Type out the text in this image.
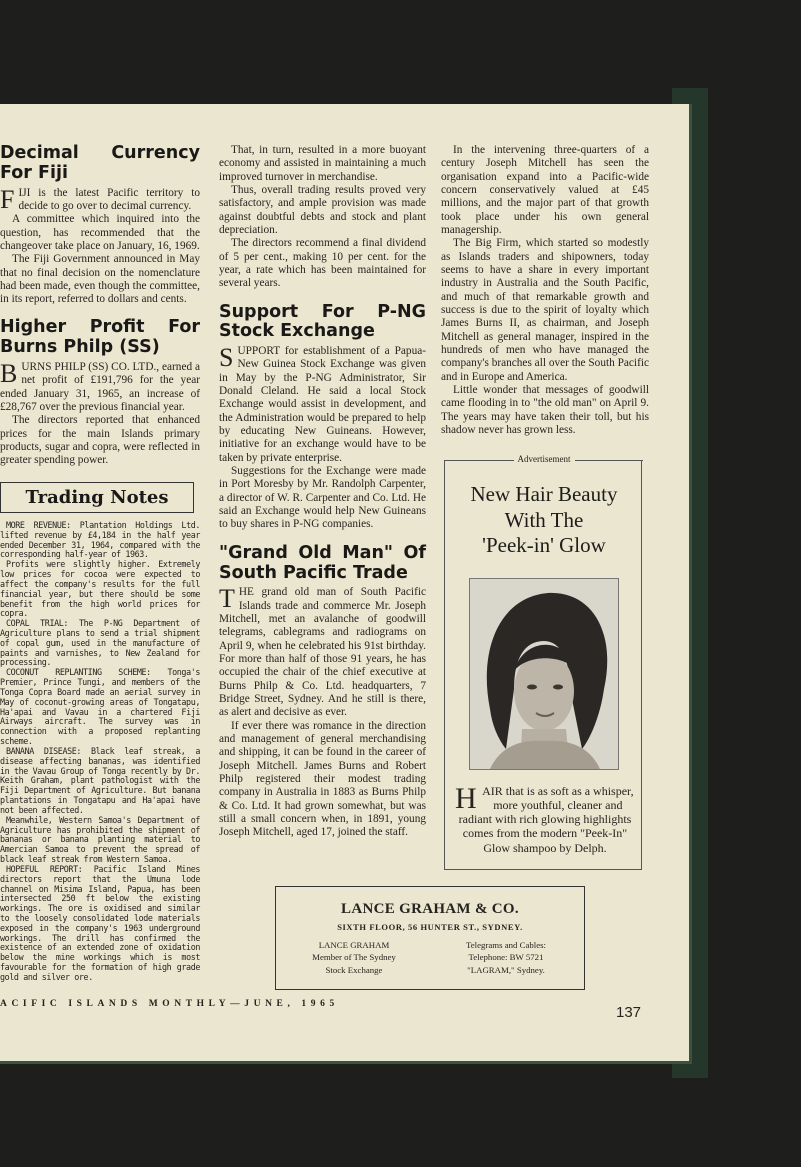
Decimal Currency For Fiji

FIJI is the latest Pacific territory to decide to go over to decimal currency.

A committee which inquired into the question, has recommended that the changeover take place on January, 16, 1969.

The Fiji Government announced in May that no final decision on the nomenclature had been made, even though the committee, in its report, referred to dollars and cents.

Higher Profit For Burns Philp (SS)

BURNS PHILP (SS) CO. LTD., earned a net profit of £191,796 for the year ended January 31, 1965, an increase of £28,767 over the previous financial year.

The directors reported that enhanced prices for the main Islands primary products, sugar and copra, were reflected in greater spending power.

Trading Notes

MORE REVENUE: Plantation Holdings Ltd. lifted revenue by £4,184 in the half year ended December 31, 1964, compared with the corresponding half-year of 1963.

Profits were slightly higher. Extremely low prices for cocoa were expected to affect the company's results for the full financial year, but there should be some benefit from the high world prices for copra.

COPAL TRIAL: The P-NG Department of Agriculture plans to send a trial shipment of copal gum, used in the manufacture of paints and varnishes, to New Zealand for processing.

COCONUT REPLANTING SCHEME: Tonga's Premier, Prince Tungi, and members of the Tonga Copra Board made an aerial survey in May of coconut-growing areas of Tongatapu, Ha'apai and Vavau in a chartered Fiji Airways aircraft. The survey was in connection with a proposed replanting scheme.

BANANA DISEASE: Black leaf streak, a disease affecting bananas, was identified in the Vavau Group of Tonga recently by Dr. Keith Graham, plant pathologist with the Fiji Department of Agriculture. But banana plantations in Tongatapu and Ha'apai have not been affected.

Meanwhile, Western Samoa's Department of Agriculture has prohibited the shipment of bananas or banana planting material to Amercian Samoa to prevent the spread of black leaf streak from Western Samoa.

HOPEFUL REPORT: Pacific Island Mines directors report that the Umuna lode channel on Misima Island, Papua, has been intersected 250 ft below the existing workings. The ore is oxidised and similar to the loosely consolidated lode materials exposed in the company's 1963 underground workings. The drill has confirmed the existence of an extended zone of oxidation below the mine workings which is most favourable for the formation of high grade gold and silver ore.

That, in turn, resulted in a more buoyant economy and assisted in maintaining a much improved turnover in merchandise.

Thus, overall trading results proved very satisfactory, and ample provision was made against doubtful debts and stock and plant depreciation.

The directors recommend a final dividend of 5 per cent., making 10 per cent. for the year, a rate which has been maintained for several years.

Support For P-NG Stock Exchange

SUPPORT for establishment of a Papua-New Guinea Stock Exchange was given in May by the P-NG Administrator, Sir Donald Cleland. He said a local Stock Exchange would assist in development, and the Administration would be prepared to help by educating New Guineans. However, initiative for an exchange would have to be taken by private enterprise.

Suggestions for the Exchange were made in Port Moresby by Mr. Randolph Carpenter, a director of W. R. Carpenter and Co. Ltd. He said an Exchange would help New Guineans to buy shares in P-NG companies.

"Grand Old Man" Of South Pacific Trade

THE grand old man of South Pacific Islands trade and commerce Mr. Joseph Mitchell, met an avalanche of goodwill telegrams, cablegrams and radiograms on April 9, when he celebrated his 91st birthday. For more than half of those 91 years, he has occupied the chair of the chief executive at Burns Philp & Co. Ltd. headquarters, 7 Bridge Street, Sydney. And he still is there, as alert and decisive as ever.

If ever there was romance in the direction and management of general merchandising and shipping, it can be found in the career of Joseph Mitchell. James Burns and Robert Philp registered their modest trading company in Australia in 1883 as Burns Philp & Co. Ltd. It had grown somewhat, but was still a small concern when, in 1891, young Joseph Mitchell, aged 17, joined the staff.

In the intervening three-quarters of a century Joseph Mitchell has seen the organisation expand into a Pacific-wide concern conservatively valued at £45 millions, and the major part of that growth took place under his own general managership.

The Big Firm, which started so modestly as Islands traders and shipowners, today seems to have a share in every important industry in Australia and the South Pacific, and much of that remarkable growth and success is due to the spirit of loyalty which James Burns II, as chairman, and Joseph Mitchell as general manager, inspired in the hundreds of men who have managed the company's branches all over the South Pacific and in Europe and America.

Little wonder that messages of goodwill came flooding in to "the old man" on April 9. The years may have taken their toll, but his shadow never has grown less.

Advertisement
New Hair Beauty
With The
'Peek-in' Glow
HAIR that is as soft as a whisper, more youthful, cleaner and radiant with rich glowing highlights comes from the modern "Peek-In" Glow shampoo by Delph.
LANCE GRAHAM & CO.
SIXTH FLOOR, 56 HUNTER ST., SYDNEY.
LANCE GRAHAM
Member of The Sydney
Stock Exchange
Telegrams and Cables:
Telephone: BW 5721
"LAGRAM," Sydney.
ACIFIC ISLANDS MONTHLY—JUNE, 1965	137
